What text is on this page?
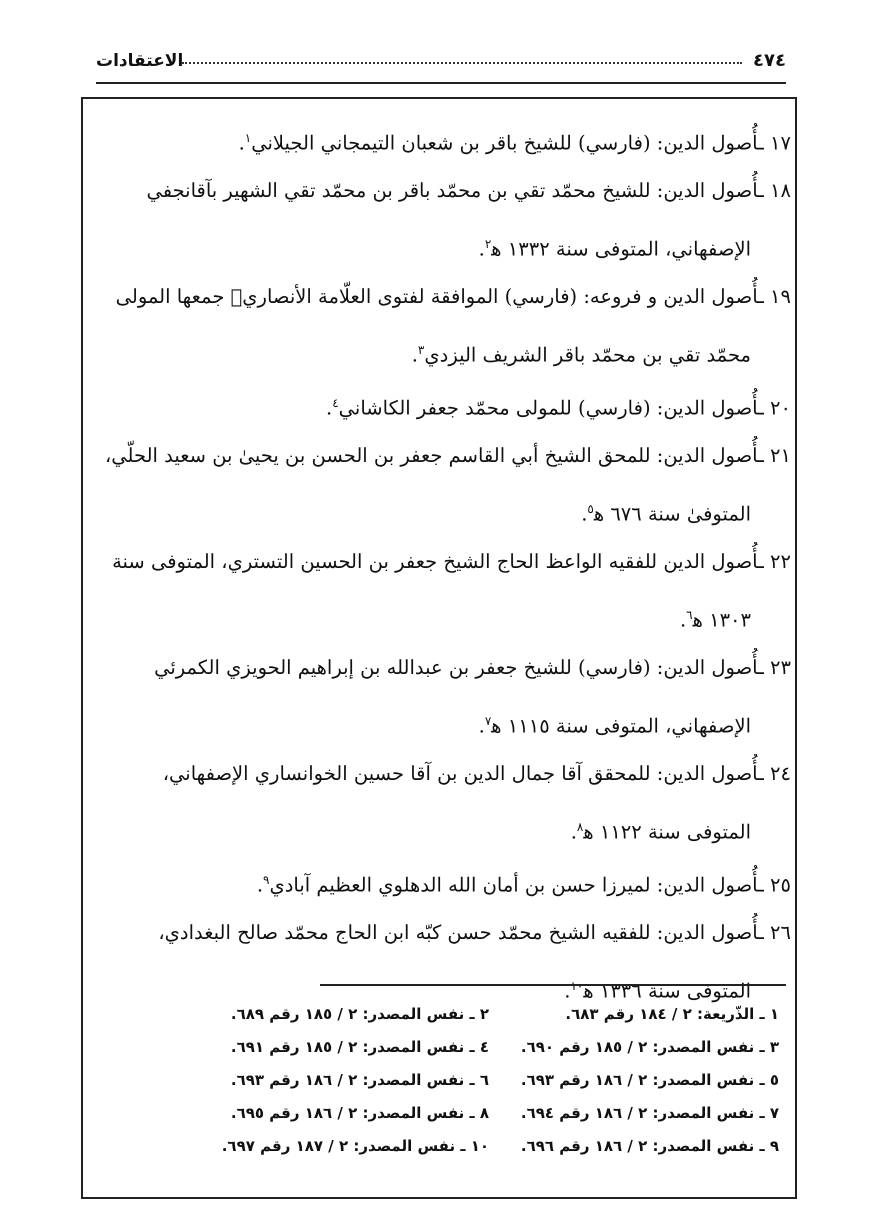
٤٧٤
الاعتقادات
١٧ ـأُصول الدين: (فارسي) للشيخ باقر بن شعبان التيمجاني الجيلاني$^١$.
١٨ ـأُصول الدين: للشيخ محمّد تقي بن محمّد باقر بن محمّد تقي الشهير بآقانجفي
الإصفهاني، المتوفى سنة ١٣٣٢ ﻫ$^٢$.
١٩ ـأُصول الدين و فروعه: (فارسي) الموافقة لفتوى العلّامة الأنصاري﷬ جمعها المولى
محمّد تقي بن محمّد باقر الشريف اليزدي$^٣$.
٢٠ ـأُصول الدين: (فارسي) للمولى محمّد جعفر الكاشاني$^٤$.
٢١ ـأُصول الدين: للمحق الشيخ أبي القاسم جعفر بن الحسن بن يحيىٰ بن سعيد الحلّي،
المتوفىٰ سنة ٦٧٦ ﻫ$^٥$.
٢٢ ـأُصول الدين للفقيه الواعظ الحاج الشيخ جعفر بن الحسين التستري، المتوفى سنة
١٣٠٣ ﻫ$^٦$.
٢٣ ـأُصول الدين: (فارسي) للشيخ جعفر بن عبدالله بن إبراهيم الحويزي الكمرئي
الإصفهاني، المتوفى سنة ١١١٥ ﻫ$^٧$.
٢٤ ـأُصول الدين: للمحقق آقا جمال الدين بن آقا حسين الخوانساري الإصفهاني،
المتوفى سنة ١١٢٢ ﻫ$^٨$.
٢٥ ـأُصول الدين: لميرزا حسن بن أمان الله الدهلوي العظيم آبادي$^٩$.
٢٦ ـأُصول الدين: للفقيه الشيخ محمّد حسن كبّه ابن الحاج محمّد صالح البغدادي،
المتوفى سنة ١٣٣٦ ﻫ$^{١٠}$.
١ ـ الذّريعة: ٢ / ١٨٤ رقم ٦٨٣.
٢ ـ نفس المصدر: ٢ / ١٨٥ رقم ٦٨٩.
٣ ـ نفس المصدر: ٢ / ١٨٥ رقم ٦٩٠.
٤ ـ نفس المصدر: ٢ / ١٨٥ رقم ٦٩١.
٥ ـ نفس المصدر: ٢ / ١٨٦ رقم ٦٩٣.
٦ ـ نفس المصدر: ٢ / ١٨٦ رقم ٦٩٣.
٧ ـ نفس المصدر: ٢ / ١٨٦ رقم ٦٩٤.
٨ ـ نفس المصدر: ٢ / ١٨٦ رقم ٦٩٥.
٩ ـ نفس المصدر: ٢ / ١٨٦ رقم ٦٩٦.
١٠ ـ نفس المصدر: ٢ / ١٨٧ رقم ٦٩٧.
